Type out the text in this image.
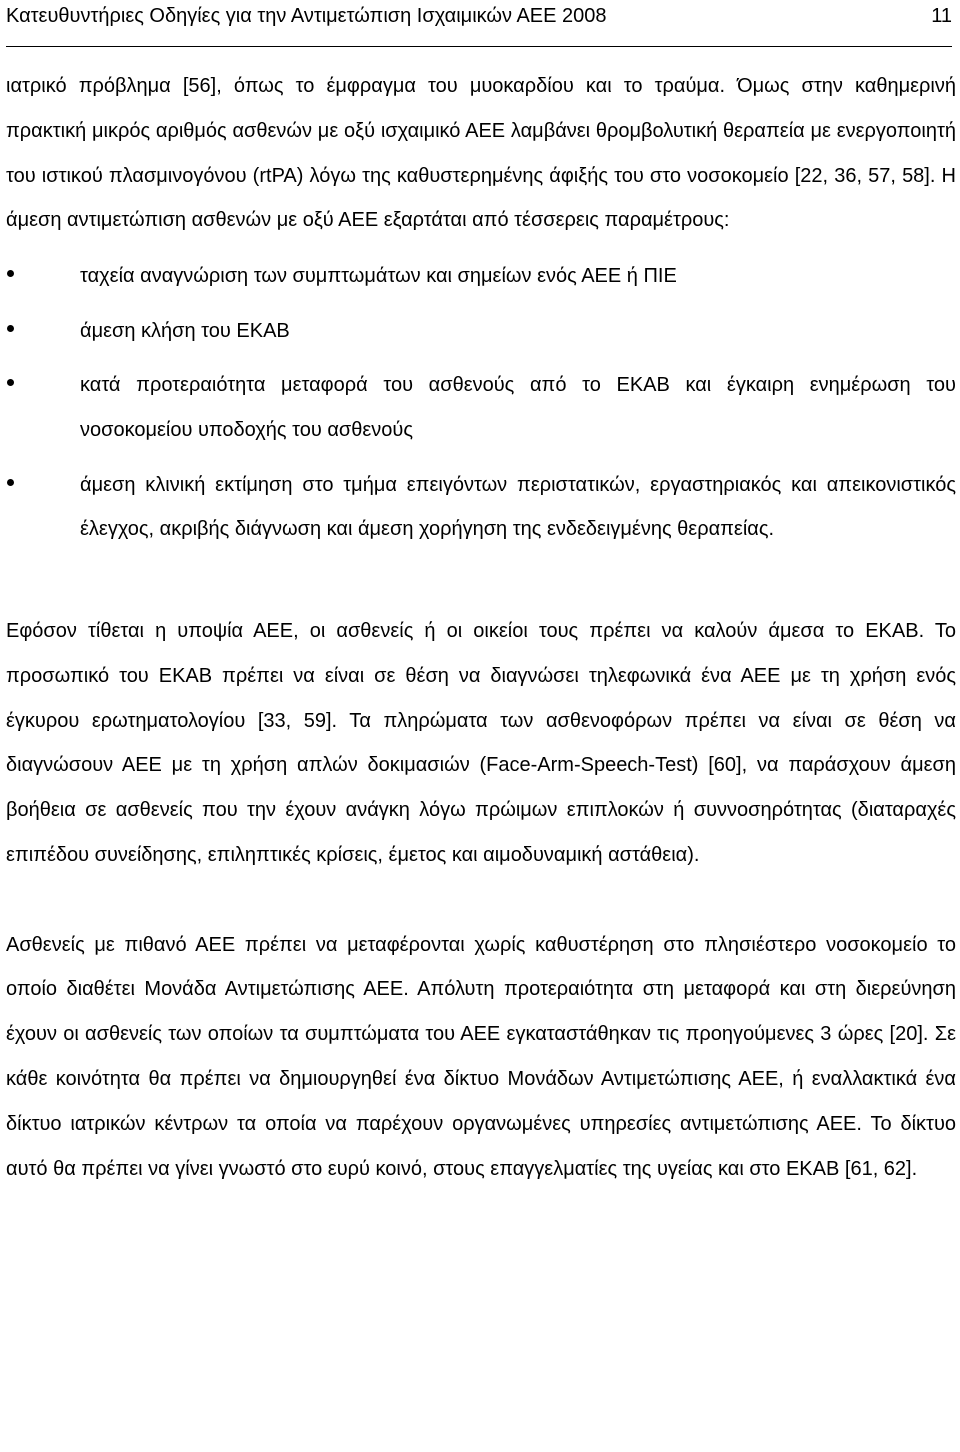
Κατευθυντήριες Οδηγίες για την Αντιμετώπιση Ισχαιμικών ΑΕΕ 2008	11

ιατρικό πρόβλημα [56], όπως το έμφραγμα του μυοκαρδίου και το τραύμα. Όμως στην καθημερινή πρακτική μικρός αριθμός ασθενών με οξύ ισχαιμικό ΑΕΕ λαμβάνει θρομβολυτική θεραπεία με ενεργοποιητή του ιστικού πλασμινογόνου (rtPA) λόγω της καθυστερημένης άφιξής του στο νοσοκομείο [22, 36, 57, 58]. Η άμεση αντιμετώπιση ασθενών με οξύ ΑΕΕ εξαρτάται από τέσσερεις παραμέτρους:

ταχεία αναγνώριση των συμπτωμάτων και σημείων ενός ΑΕΕ ή ΠΙΕ
άμεση κλήση του ΕΚΑΒ
κατά προτεραιότητα μεταφορά του ασθενούς από το ΕΚΑΒ και έγκαιρη ενημέρωση του νοσοκομείου υποδοχής του ασθενούς
άμεση κλινική εκτίμηση στο τμήμα επειγόντων περιστατικών, εργαστηριακός και απεικονιστικός έλεγχος, ακριβής διάγνωση και άμεση χορήγηση της ενδεδειγμένης θεραπείας.

Εφόσον τίθεται η υποψία ΑΕΕ, οι ασθενείς ή οι οικείοι τους πρέπει να καλούν άμεσα το ΕΚΑΒ. Το προσωπικό του ΕΚΑΒ πρέπει να είναι σε θέση να διαγνώσει τηλεφωνικά ένα ΑΕΕ με τη χρήση ενός έγκυρου ερωτηματολογίου [33, 59]. Τα πληρώματα των ασθενοφόρων πρέπει να είναι σε θέση να διαγνώσουν ΑΕΕ με τη χρήση απλών δοκιμασιών (Face-Arm-Speech-Test) [60], να παράσχουν άμεση βοήθεια σε ασθενείς που την έχουν ανάγκη λόγω πρώιμων επιπλοκών ή συννοσηρότητας (διαταραχές επιπέδου συνείδησης, επιληπτικές κρίσεις, έμετος και αιμοδυναμική αστάθεια).

Ασθενείς με πιθανό ΑΕΕ πρέπει να μεταφέρονται χωρίς καθυστέρηση στο πλησιέστερο νοσοκομείο το οποίο διαθέτει Μονάδα Αντιμετώπισης ΑΕΕ. Απόλυτη προτεραιότητα στη μεταφορά και στη διερεύνηση έχουν οι ασθενείς των οποίων τα συμπτώματα του ΑΕΕ εγκαταστάθηκαν τις προηγούμενες 3 ώρες [20]. Σε κάθε κοινότητα θα πρέπει να δημιουργηθεί ένα δίκτυο Μονάδων Αντιμετώπισης ΑΕΕ, ή εναλλακτικά ένα δίκτυο ιατρικών κέντρων τα οποία να παρέχουν οργανωμένες υπηρεσίες αντιμετώπισης ΑΕΕ. Το δίκτυο αυτό θα πρέπει να γίνει γνωστό στο ευρύ κοινό, στους επαγγελματίες της υγείας και στο ΕΚΑΒ [61, 62].
